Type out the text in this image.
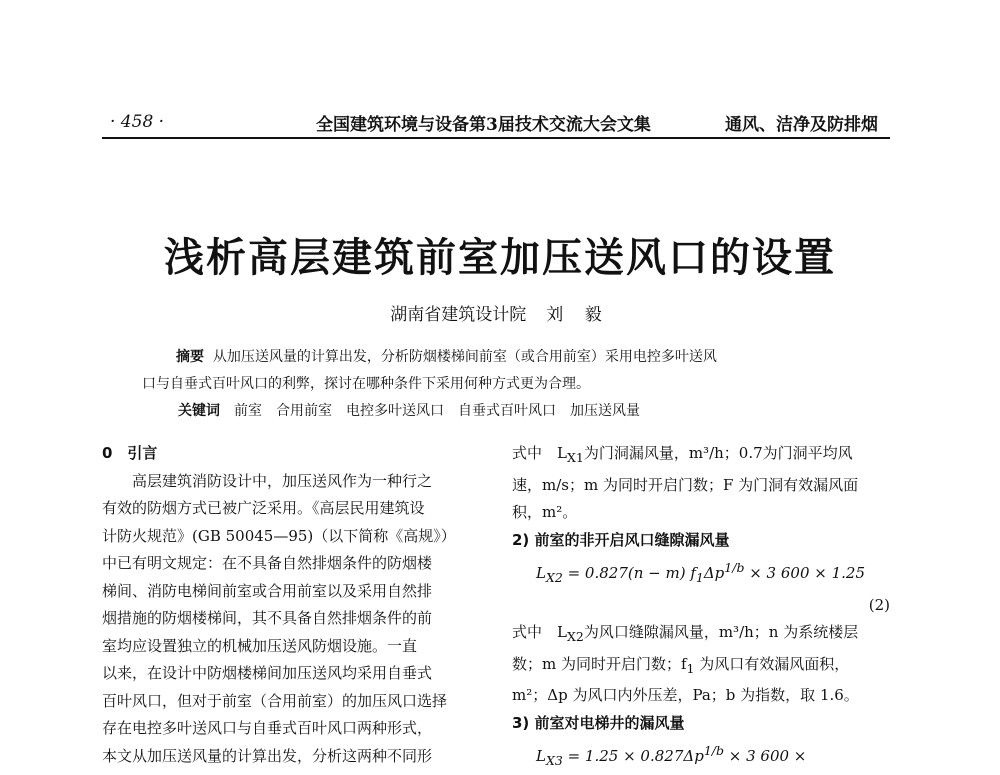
· 458 ·	全国建筑环境与设备第3届技术交流大会文集	通风、洁净及防排烟
浅析高层建筑前室加压送风口的设置
湖南省建筑设计院 刘 毅
摘要 从加压送风量的计算出发，分析防烟楼梯间前室（或合用前室）采用电控多叶送风
口与自垂式百叶风口的利弊，探讨在哪种条件下采用何种方式更为合理。
关键词 前室 合用前室 电控多叶送风口 自垂式百叶风口 加压送风量

0　引言

高层建筑消防设计中，加压送风作为一种行之

有效的防烟方式已被广泛采用。《高层民用建筑设

计防火规范》(GB 50045—95)（以下简称《高规》）

中已有明文规定：在不具备自然排烟条件的防烟楼

梯间、消防电梯间前室或合用前室以及采用自然排

烟措施的防烟楼梯间，其不具备自然排烟条件的前

室均应设置独立的机械加压送风防烟设施。一直

以来，在设计中防烟楼梯间加压送风均采用自垂式

百叶风口，但对于前室（合用前室）的加压风口选择

存在电控多叶送风口与自垂式百叶风口两种形式，

本文从加压送风量的计算出发，分析这两种不同形

式中　$L_{X1}$为门洞漏风量，m³/h；0.7为门洞平均风

速，m/s；m 为同时开启门数；F 为门洞有效漏风面

积，m²。

2) 前室的非开启风口缝隙漏风量

$L_{X2} = 0.827(n - m) f_1\Delta p^{1/b} \times 3$ 600 × 1.25

(2)

式中　$L_{X2}$为风口缝隙漏风量，m³/h；n 为系统楼层

数；m 为同时开启门数；$f_1$ 为风口有效漏风面积，

m²；Δp 为风口内外压差，Pa；b 为指数，取 1.6。

3) 前室对电梯井的漏风量

$L_{X3} = 1.25 \times 0.827\Delta p^{1/b} \times 3$ 600 ×
